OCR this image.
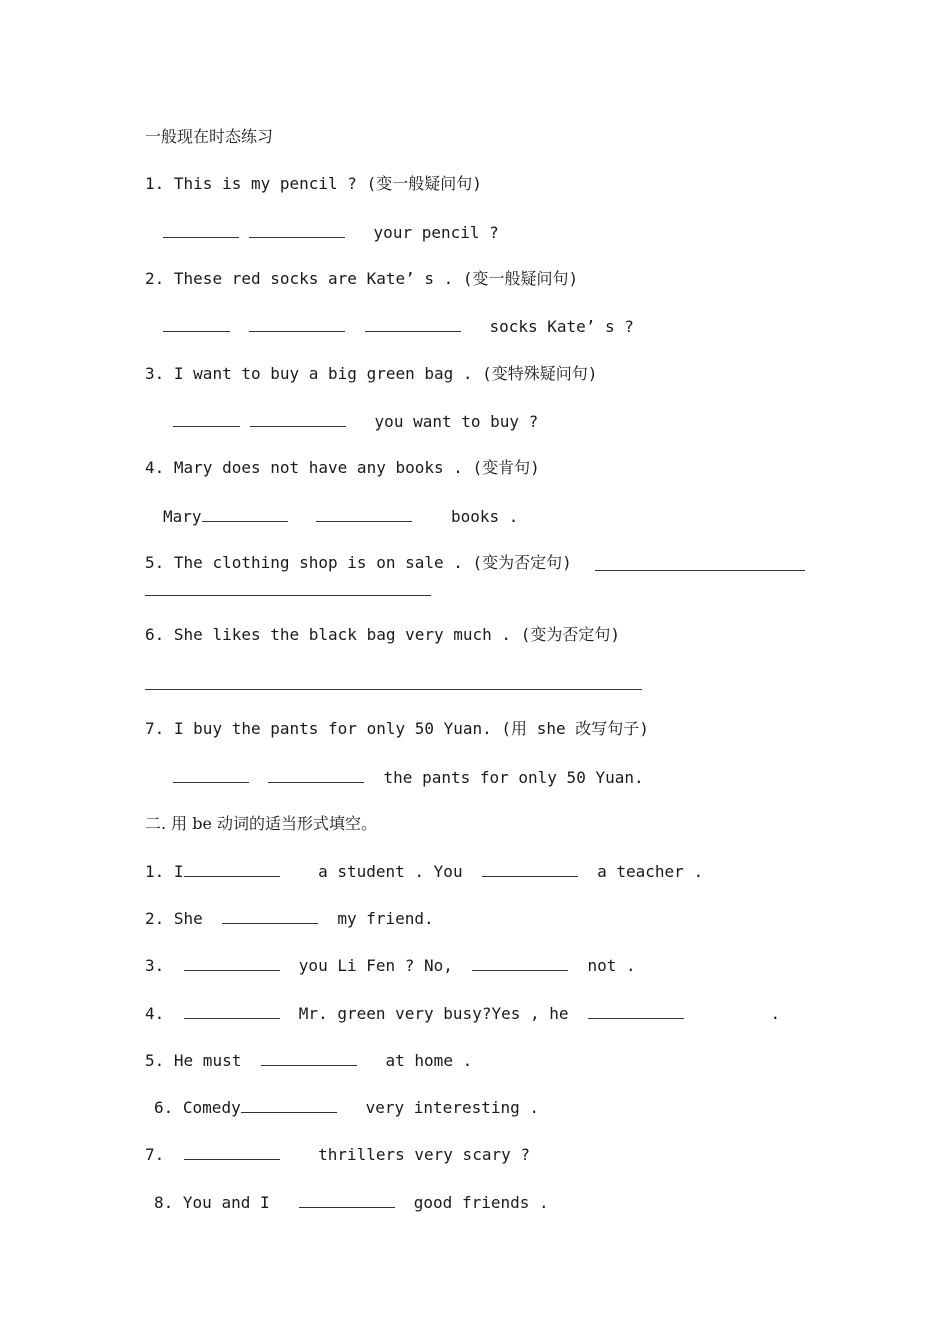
一般现在时态练习
1. This is my pencil ? (变一般疑问句)
your pencil ?
2. These red socks are Kate’ s . (变一般疑问句)
socks Kate’ s ?
3. I want to buy a big green bag . (变特殊疑问句)
you want to buy ?
4. Mary does not have any books . (变肯句)
Mary	books .
5. The clothing shop is on sale . (变为否定句)
6. She likes the black bag very much . (变为否定句)
7. I buy the pants for only 50 Yuan. (用 she 改写句子)
the pants for only 50 Yuan.
二. 用 be 动词的适当形式填空。
1. I	a student . You	a teacher .
2. She	my friend.
3.	you Li Fen ? No,	not .
4.	Mr. green very busy?Yes , he	.
5. He must	at home .
6. Comedy	very interesting .
7.	thrillers very scary ?
8. You and I	good friends .
